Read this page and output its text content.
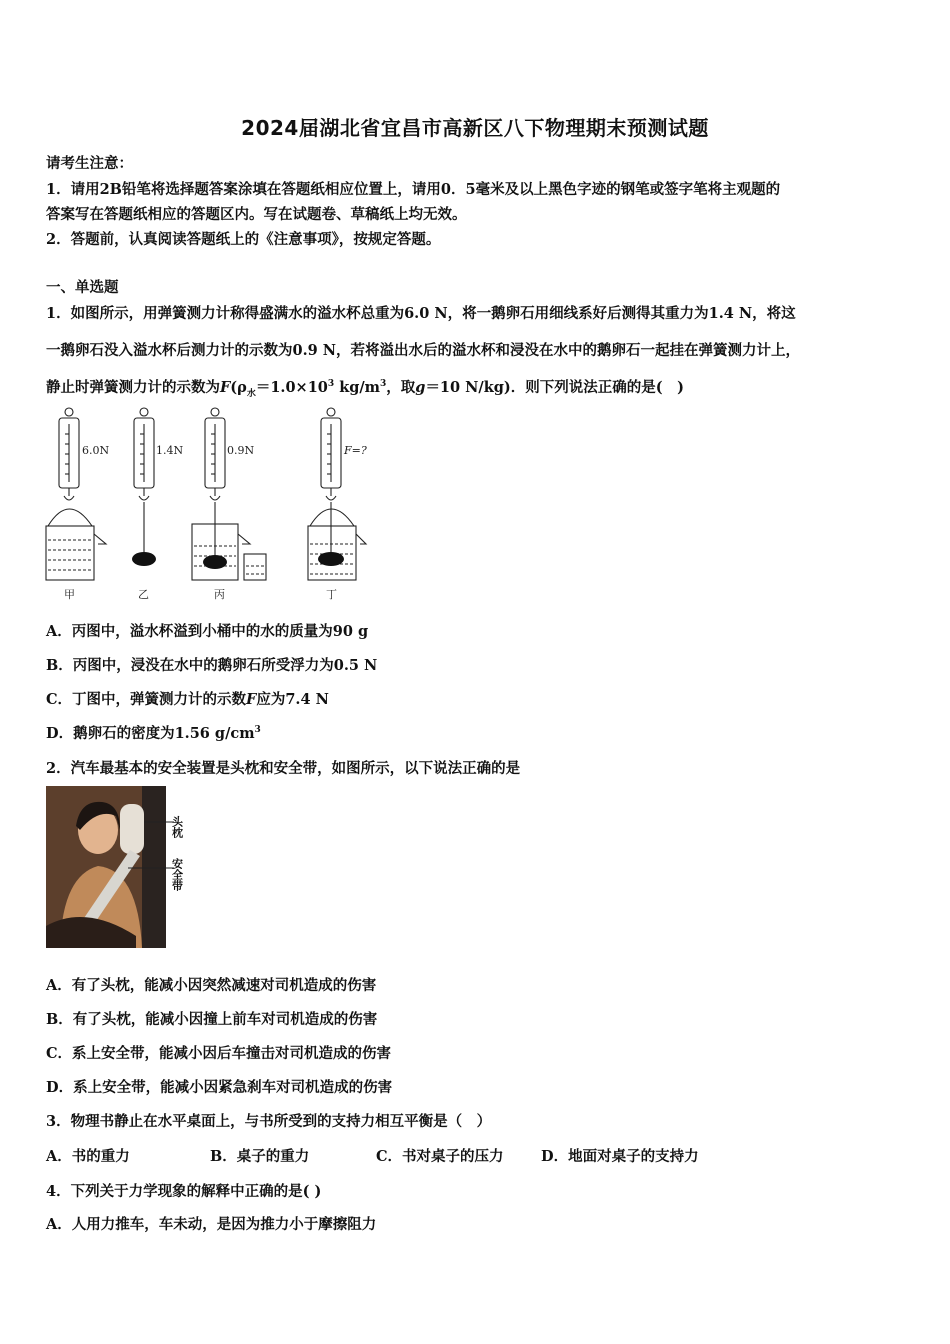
2024届湖北省宜昌市高新区八下物理期末预测试题
请考生注意：
1．请用2B铅笔将选择题答案涂填在答题纸相应位置上，请用0．5毫米及以上黑色字迹的钢笔或签字笔将主观题的
答案写在答题纸相应的答题区内。写在试题卷、草稿纸上均无效。
2．答题前，认真阅读答题纸上的《注意事项》，按规定答题。
一、单选题
1．如图所示，用弹簧测力计称得盛满水的溢水杯总重为6.0 N，将一鹅卵石用细线系好后测得其重力为1.4 N，将这
一鹅卵石没入溢水杯后测力计的示数为0.9 N，若将溢出水后的溢水杯和浸没在水中的鹅卵石一起挂在弹簧测力计上，
静止时弹簧测力计的示数为$F(\rho_水=1.0\times 10^3$ $kg/m^3$，取g＝10 N/kg)．则下列说法正确的是(　)
6.0N
甲
1.4N
乙
0.9N
丙
F=?
丁
A．丙图中，溢水杯溢到小桶中的水的质量为90 g
B．丙图中，浸没在水中的鹅卵石所受浮力为0.5 N
C．丁图中，弹簧测力计的示数F应为7.4 N
D．鹅卵石的密度为1.56 $g/cm^3$
2．汽车最基本的安全装置是头枕和安全带，如图所示，以下说法正确的是
头枕
安全带
A．有了头枕，能减小因突然减速对司机造成的伤害
B．有了头枕，能减小因撞上前车对司机造成的伤害
C．系上安全带，能减小因后车撞击对司机造成的伤害
D．系上安全带，能减小因紧急刹车对司机造成的伤害
3．物理书静止在水平桌面上，与书所受到的支持力相互平衡是（　）
A．书的重力	B．桌子的重力	C．书对桌子的压力	D．地面对桌子的支持力
4．下列关于力学现象的解释中正确的是( )
A．人用力推车，车未动，是因为推力小于摩擦阻力
